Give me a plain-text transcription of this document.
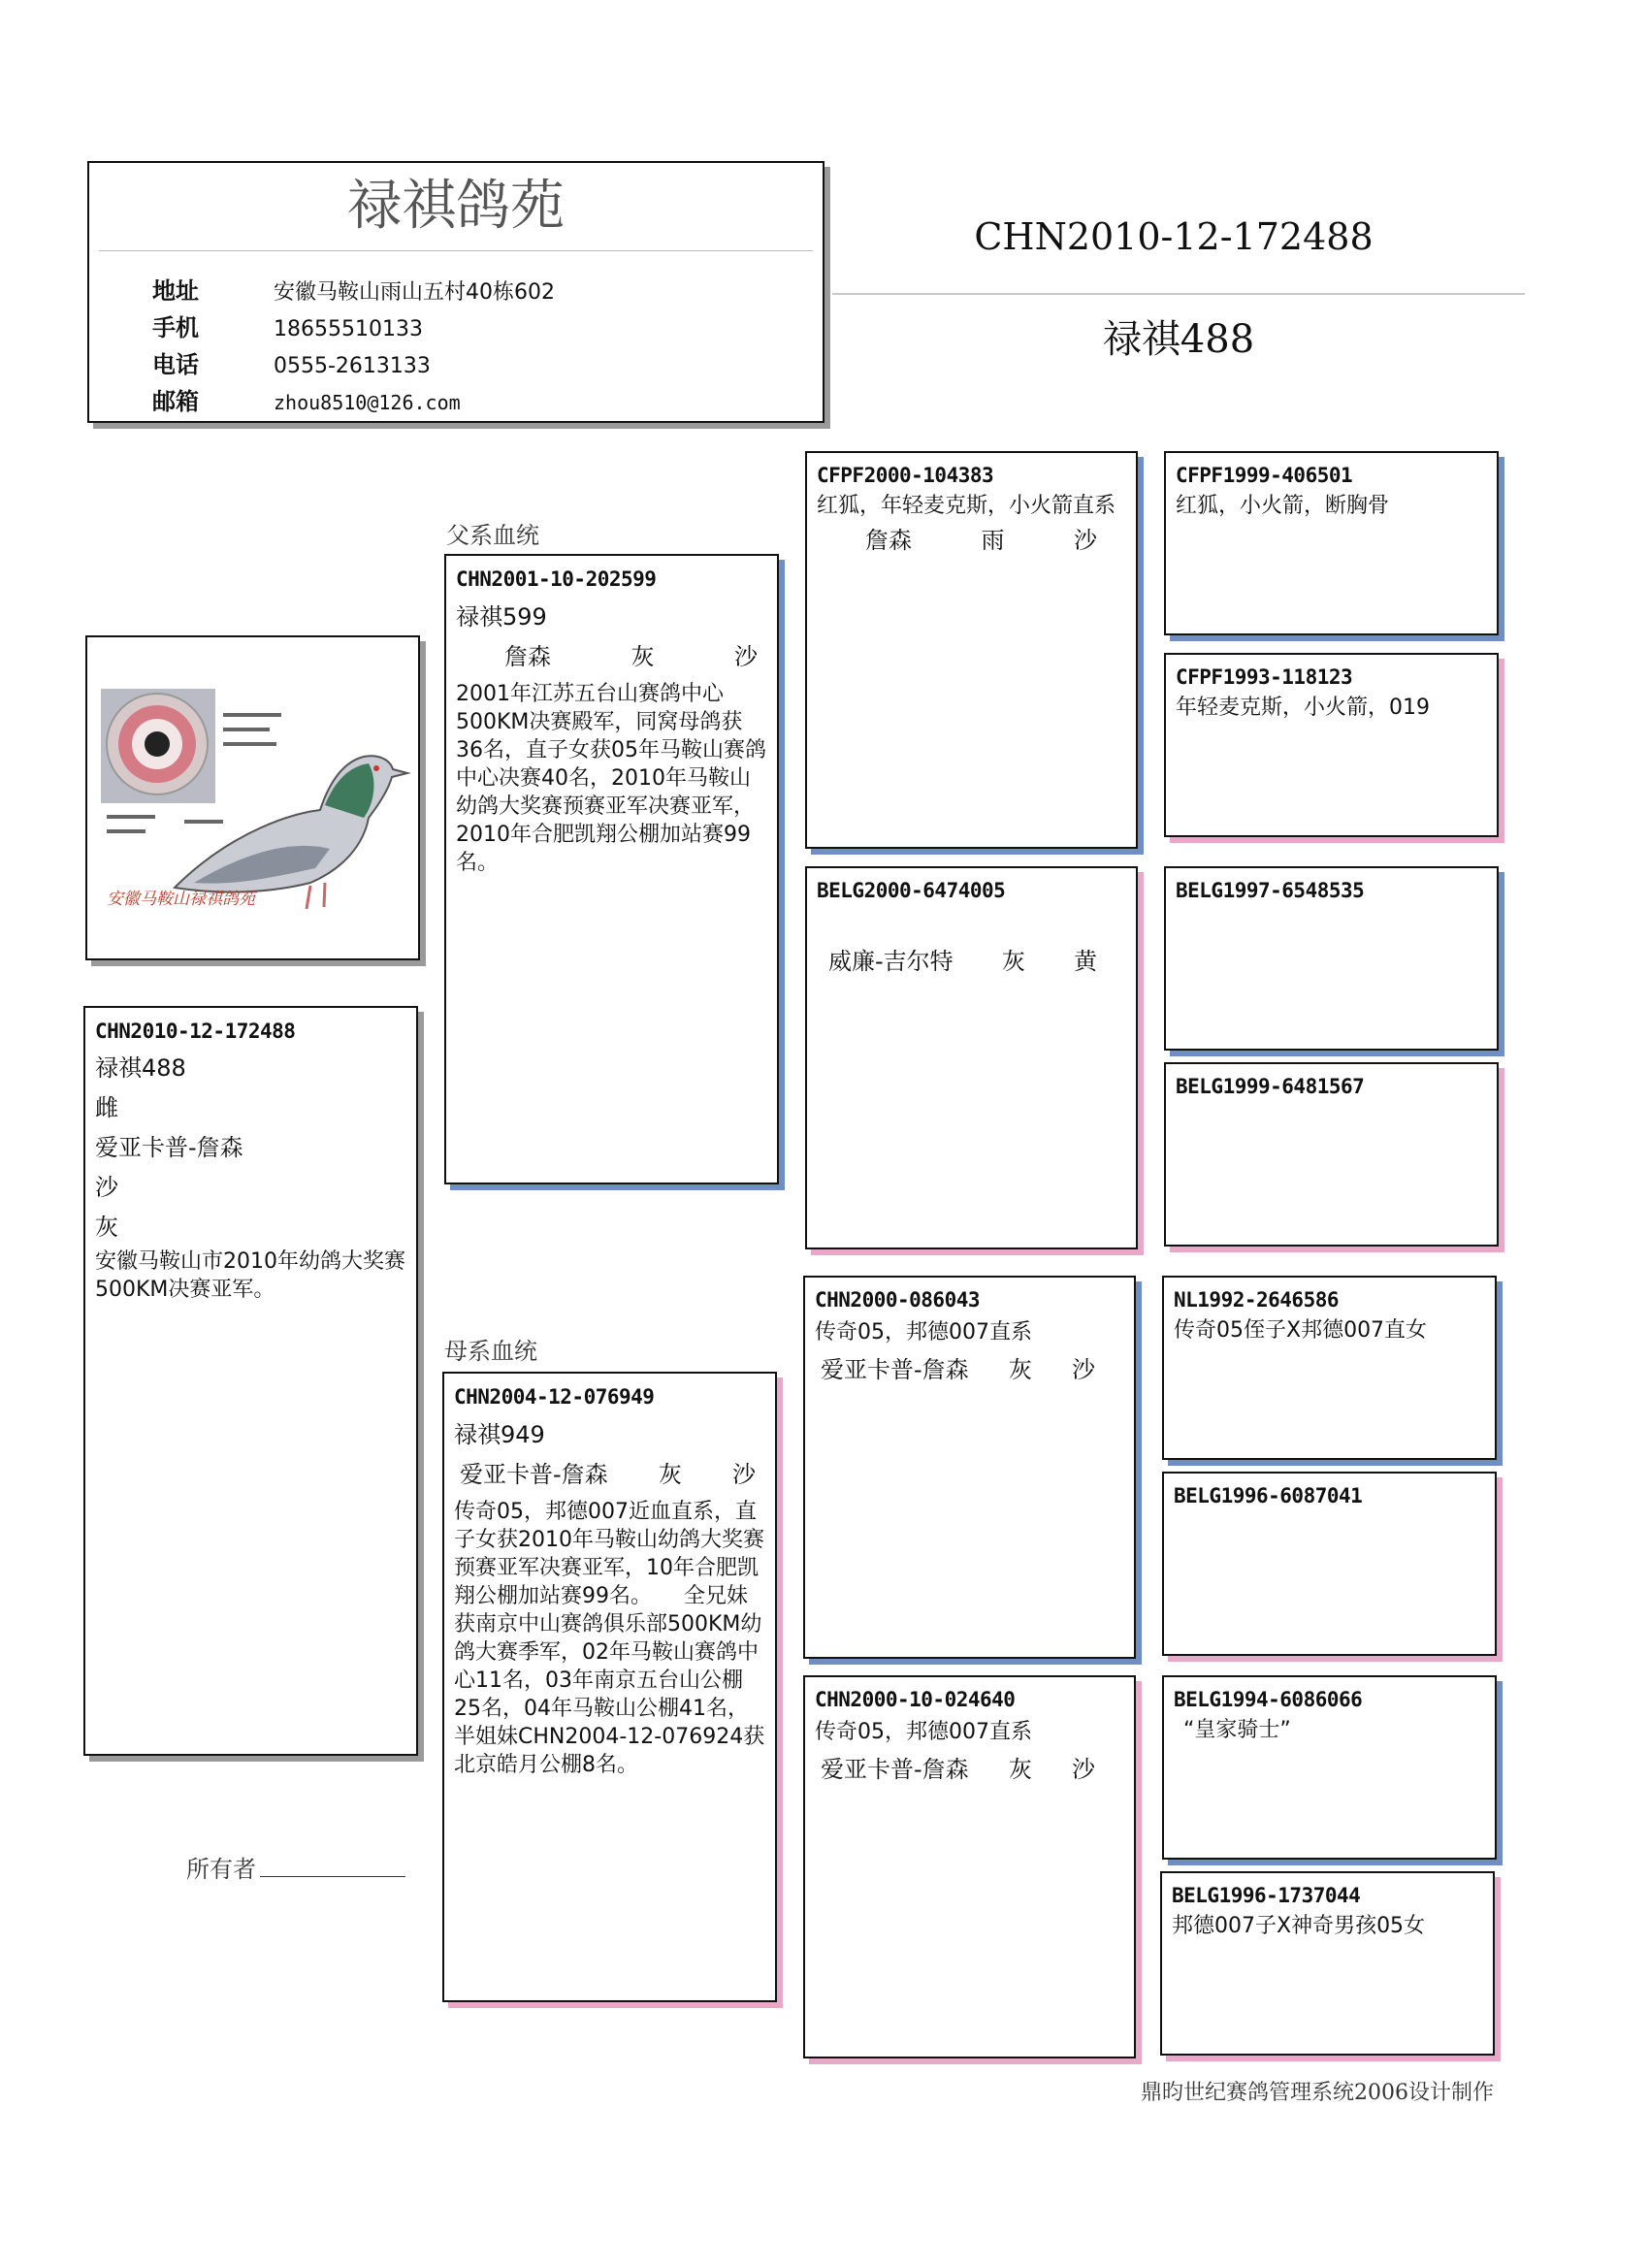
禄祺鸽苑
地址	安徽马鞍山雨山五村40栋602
手机	18655510133
电话	0555-2613133
邮箱	zhou8510@126.com
CHN2010-12-172488
禄祺488
安徽马鞍山禄祺鸽苑
CHN2010-12-172488
禄祺488
雌
爱亚卡普-詹森
沙
灰
安徽马鞍山市2010年幼鸽大奖赛500KM决赛亚军。
所有者
父系血统
CHN2001-10-202599
禄祺599
詹森	灰	沙
2001年江苏五台山赛鸽中心500KM决赛殿军，同窝母鸽获36名，直子女获05年马鞍山赛鸽中心决赛40名，2010年马鞍山幼鸽大奖赛预赛亚军决赛亚军，2010年合肥凯翔公棚加站赛99名。
母系血统
CHN2004-12-076949
禄祺949
爱亚卡普-詹森 灰 沙
传奇05，邦德007近血直系，直子女获2010年马鞍山幼鸽大奖赛预赛亚军决赛亚军，10年合肥凯翔公棚加站赛99名。　　全兄妹获南京中山赛鸽俱乐部500KM幼鸽大赛季军，02年马鞍山赛鸽中心11名，03年南京五台山公棚25名，04年马鞍山公棚41名，半姐妹CHN2004-12-076924获北京皓月公棚8名。
CFPF2000-104383
红狐，年轻麦克斯，小火箭直系
詹森	雨	沙
BELG2000-6474005
威廉-吉尔特 灰 黄
CHN2000-086043
传奇05，邦德007直系
爱亚卡普-詹森 灰 沙
CHN2000-10-024640
传奇05，邦德007直系
爱亚卡普-詹森 灰 沙
CFPF1999-406501
红狐，小火箭，断胸骨
CFPF1993-118123
年轻麦克斯，小火箭，019
BELG1997-6548535
BELG1999-6481567
NL1992-2646586
传奇05侄子X邦德007直女
BELG1996-6087041
BELG1994-6086066
“皇家骑士”
BELG1996-1737044
邦德007子X神奇男孩05女
鼎昀世纪赛鸽管理系统2006设计制作
